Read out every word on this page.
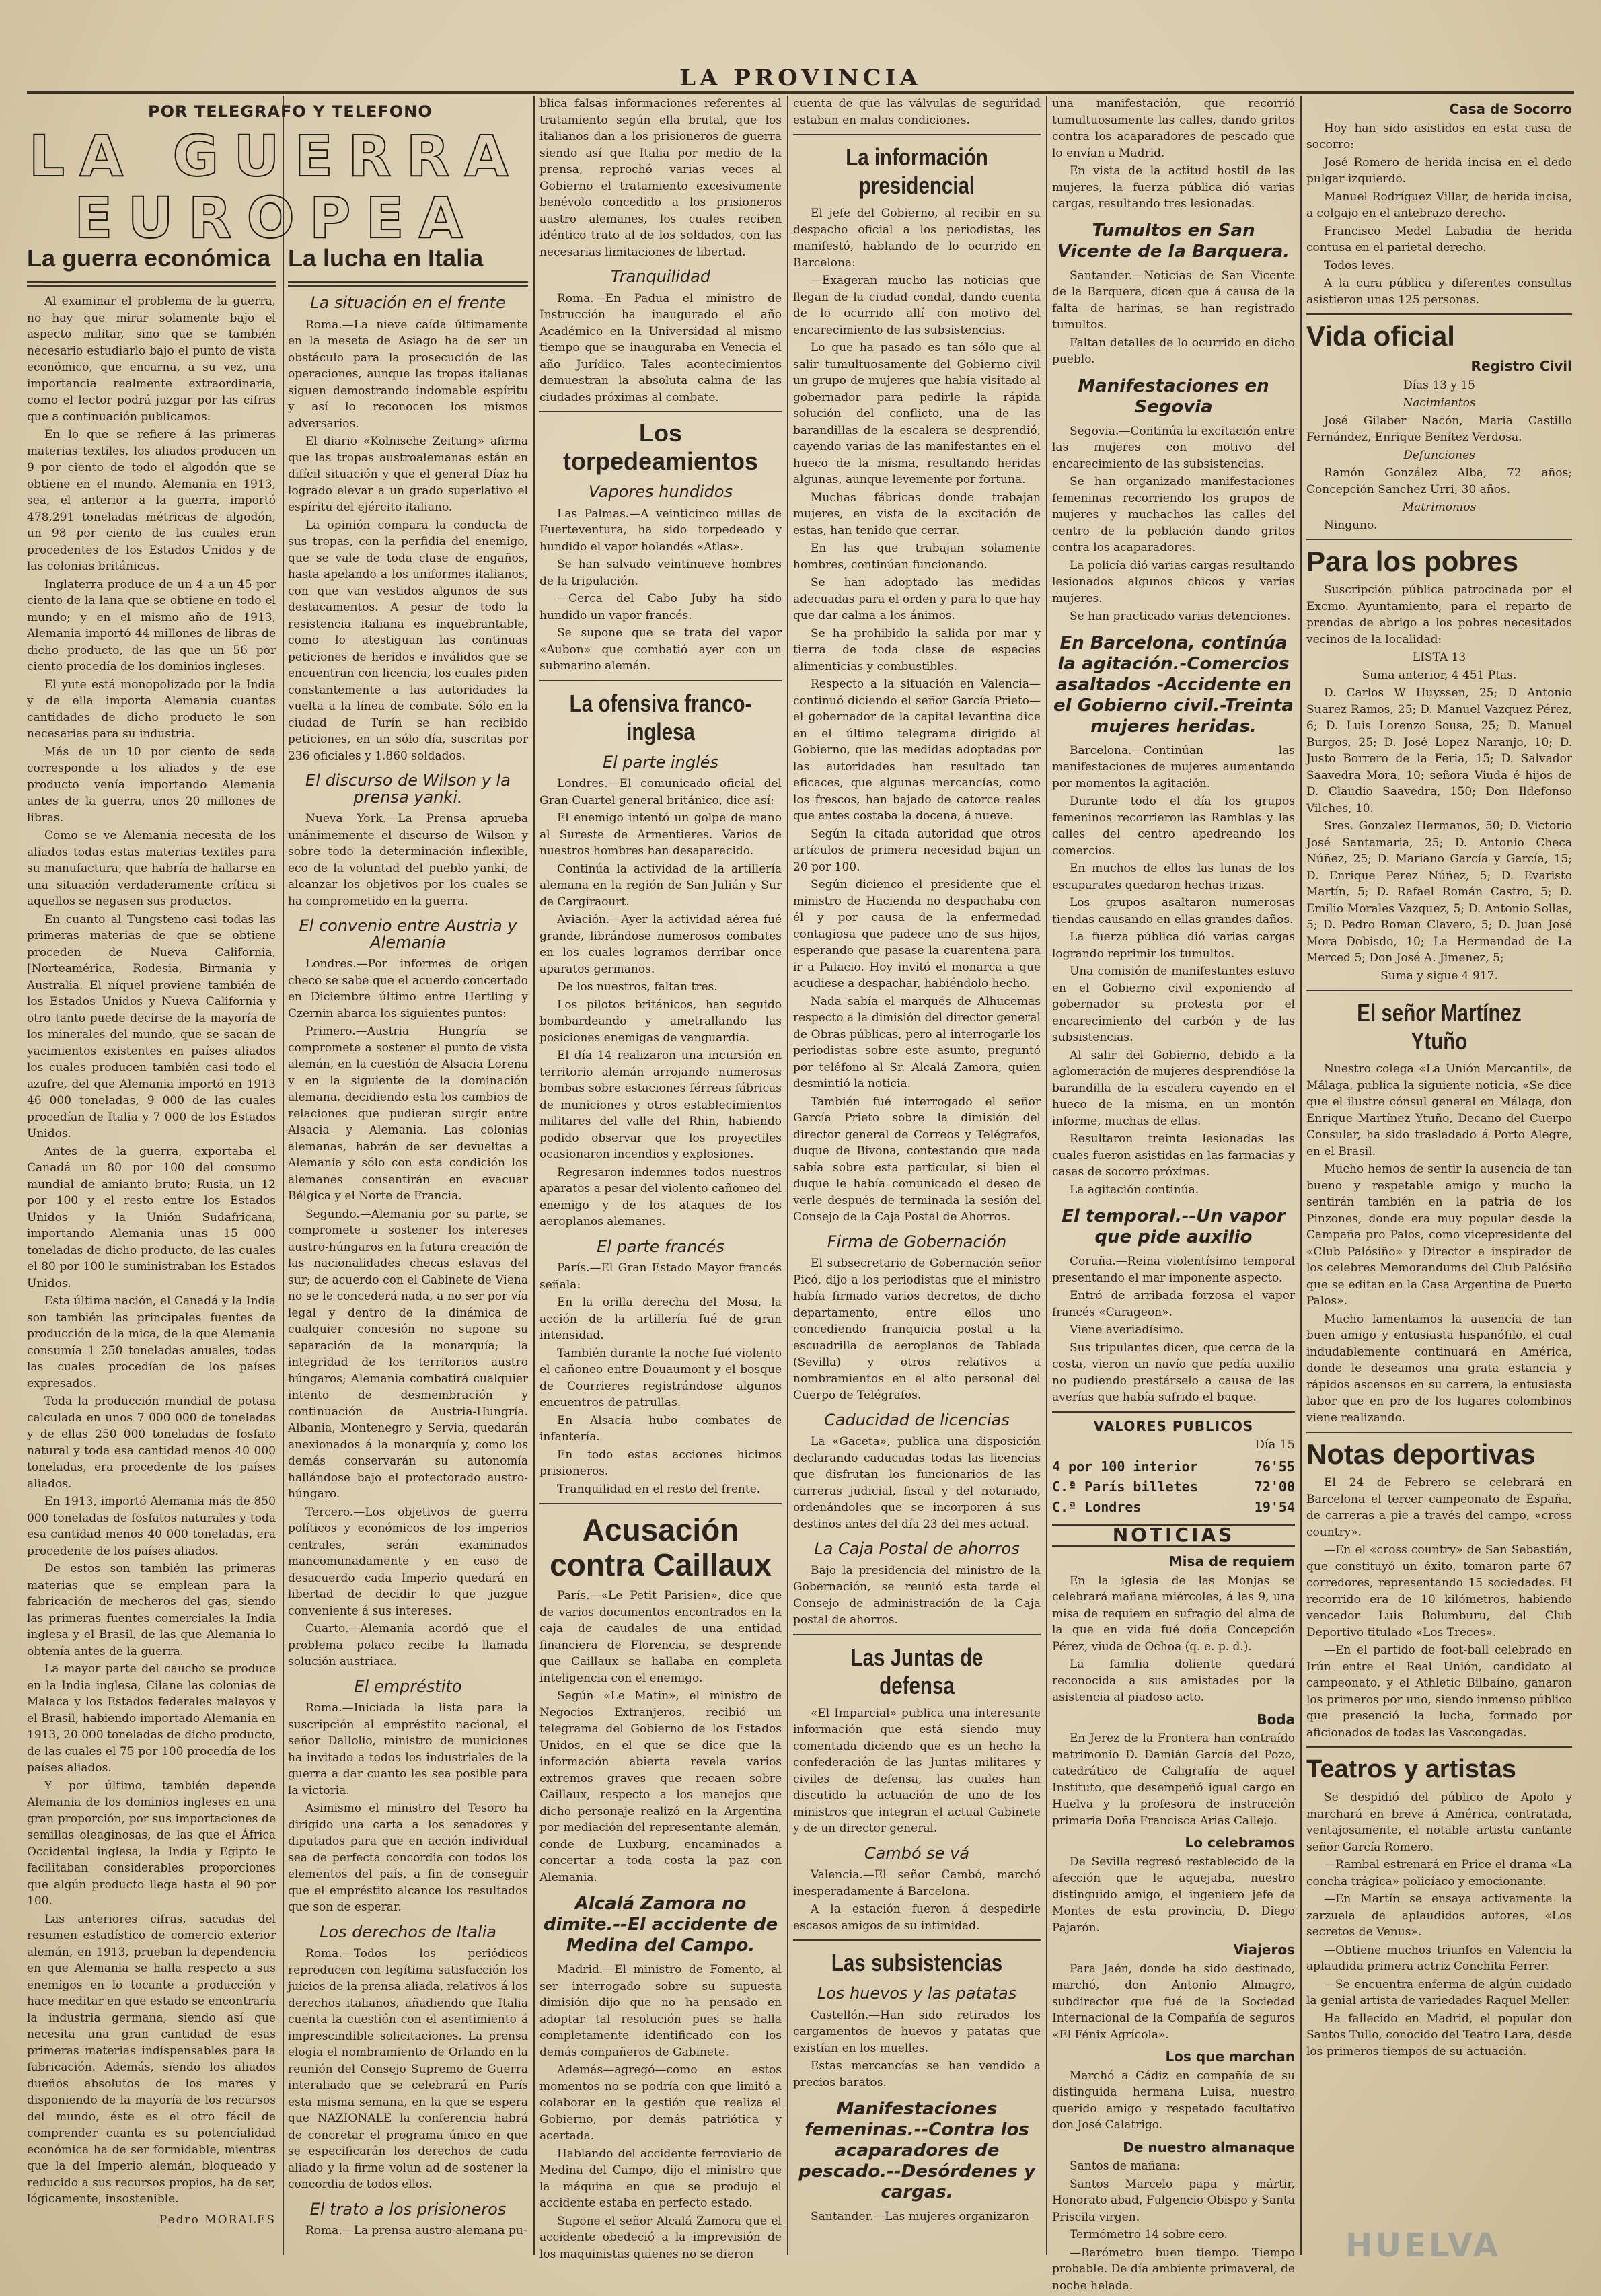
LA PROVINCIA
POR TELEGRAFO Y TELEFONO
LA GUERRA
EUROPEA
La guerra económica

Al examinar el problema de la guerra, no hay que mirar solamente bajo el aspecto militar, sino que se también necesario estudiarlo bajo el punto de vista económico, que encarna, a su vez, una importancia realmente extraordinaria, como el lector podrá juzgar por las cifras que a continuación publicamos:

En lo que se refiere á las primeras materias textiles, los aliados producen un 9 por ciento de todo el algodón que se obtiene en el mundo. Alemania en 1913, sea, el anterior a la guerra, importó 478,291 toneladas métricas de algodón, un 98 por ciento de las cuales eran procedentes de los Estados Unidos y de las colonias británicas.

Inglaterra produce de un 4 a un 45 por ciento de la lana que se obtiene en todo el mundo; y en el mismo año de 1913, Alemania importó 44 millones de libras de dicho producto, de las que un 56 por ciento procedía de los dominios ingleses.

El yute está monopolizado por la India y de ella importa Alemania cuantas cantidades de dicho producto le son necesarias para su industria.

Más de un 10 por ciento de seda corresponde a los aliados y de ese producto venía importando Alemania antes de la guerra, unos 20 millones de libras.

Como se ve Alemania necesita de los aliados todas estas materias textiles para su manufactura, que habría de hallarse en una situación verdaderamente crítica si aquellos se negasen sus productos.

En cuanto al Tungsteno casi todas las primeras materias de que se obtiene proceden de Nueva California, [Norteamérica, Rodesia, Birmania y Australia. El níquel proviene también de los Estados Unidos y Nueva California y otro tanto puede decirse de la mayoría de los minerales del mundo, que se sacan de yacimientos existentes en países aliados los cuales producen también casi todo el azufre, del que Alemania importó en 1913 46 000 toneladas, 9 000 de las cuales procedían de Italia y 7 000 de los Estados Unidos.

Antes de la guerra, exportaba el Canadá un 80 por 100 del consumo mundial de amianto bruto; Rusia, un 12 por 100 y el resto entre los Estados Unidos y la Unión Sudafricana, importando Alemania unas 15 000 toneladas de dicho producto, de las cuales el 80 por 100 le suministraban los Estados Unidos.

Esta última nación, el Canadá y la India son también las principales fuentes de producción de la mica, de la que Alemania consumía 1 250 toneladas anuales, todas las cuales procedían de los países expresados.

Toda la producción mundial de potasa calculada en unos 7 000 000 de toneladas y de ellas 250 000 toneladas de fosfato natural y toda esa cantidad menos 40 000 toneladas, era procedente de los países aliados.

En 1913, importó Alemania más de 850 000 toneladas de fosfatos naturales y toda esa cantidad menos 40 000 toneladas, era procedente de los países aliados.

De estos son también las primeras materias que se emplean para la fabricación de mecheros del gas, siendo las primeras fuentes comerciales la India inglesa y el Brasil, de las que Alemania lo obtenía antes de la guerra.

La mayor parte del caucho se produce en la India inglesa, Cilane las colonias de Malaca y los Estados federales malayos y el Brasil, habiendo importado Alemania en 1913, 20 000 toneladas de dicho producto, de las cuales el 75 por 100 procedía de los países aliados.

Y por último, también depende Alemania de los dominios ingleses en una gran proporción, por sus importaciones de semillas oleaginosas, de las que el África Occidental inglesa, la India y Egipto le facilitaban considerables proporciones que algún producto llega hasta el 90 por 100.

Las anteriores cifras, sacadas del resumen estadístico de comercio exterior alemán, en 1913, prueban la dependencia en que Alemania se halla respecto a sus enemigos en lo tocante a producción y hace meditar en que estado se encontraría la industria germana, siendo así que necesita una gran cantidad de esas primeras materias indispensables para la fabricación. Además, siendo los aliados dueños absolutos de los mares y disponiendo de la mayoría de los recursos del mundo, éste es el otro fácil de comprender cuanta es su potencialidad económica ha de ser formidable, mientras que la del Imperio alemán, bloqueado y reducido a sus recursos propios, ha de ser, lógicamente, insostenible.

Pedro MORALES
La lucha en Italia
La situación en el frente

Roma.—La nieve caída últimamente en la meseta de Asiago ha de ser un obstáculo para la prosecución de las operaciones, aunque las tropas italianas siguen demostrando indomable espíritu y así lo reconocen los mismos adversarios.

El diario «Kolnische Zeitung» afirma que las tropas austroalemanas están en difícil situación y que el general Díaz ha logrado elevar a un grado superlativo el espíritu del ejército italiano.

La opinión compara la conducta de sus tropas, con la perfidia del enemigo, que se vale de toda clase de engaños, hasta apelando a los uniformes italianos, con que van vestidos algunos de sus destacamentos. A pesar de todo la resistencia italiana es inquebrantable, como lo atestiguan las continuas peticiones de heridos e inválidos que se encuentran con licencia, los cuales piden constantemente a las autoridades la vuelta a la línea de combate. Sólo en la ciudad de Turín se han recibido peticiones, en un sólo día, suscritas por 236 oficiales y 1.860 soldados.

El discurso de Wilson y la prensa yanki.

Nueva York.—La Prensa aprueba unánimemente el discurso de Wilson y sobre todo la determinación inflexible, eco de la voluntad del pueblo yanki, de alcanzar los objetivos por los cuales se ha comprometido en la guerra.

El convenio entre Austria y Alemania

Londres.—Por informes de origen checo se sabe que el acuerdo concertado en Diciembre último entre Hertling y Czernin abarca los siguientes puntos:

Primero.—Austria Hungría se compromete a sostener el punto de vista alemán, en la cuestión de Alsacia Lorena y en la siguiente de la dominación alemana, decidiendo esta los cambios de relaciones que pudieran surgir entre Alsacia y Alemania. Las colonias alemanas, habrán de ser devueltas a Alemania y sólo con esta condición los alemanes consentirán en evacuar Bélgica y el Norte de Francia.

Segundo.—Alemania por su parte, se compromete a sostener los intereses austro-húngaros en la futura creación de las nacionalidades checas eslavas del sur; de acuerdo con el Gabinete de Viena no se le concederá nada, a no ser por vía legal y dentro de la dinámica de cualquier concesión no supone su separación de la monarquía; la integridad de los territorios austro húngaros; Alemania combatirá cualquier intento de desmembración y continuación de Austria-Hungría. Albania, Montenegro y Servia, quedarán anexionados á la monarquía y, como los demás conservarán su autonomía hallándose bajo el protectorado austro-húngaro.

Tercero.—Los objetivos de guerra políticos y económicos de los imperios centrales, serán examinados mancomunadamente y en caso de desacuerdo cada Imperio quedará en libertad de decidir lo que juzgue conveniente á sus intereses.

Cuarto.—Alemania acordó que el problema polaco recibe la llamada solución austriaca.

El empréstito

Roma.—Iniciada la lista para la suscripción al empréstito nacional, el señor Dallolio, ministro de municiones ha invitado a todos los industriales de la guerra a dar cuanto les sea posible para la victoria.

Asimismo el ministro del Tesoro ha dirigido una carta a los senadores y diputados para que en acción individual sea de perfecta concordia con todos los elementos del país, a fin de conseguir que el empréstito alcance los resultados que son de esperar.

Los derechos de Italia

Roma.—Todos los periódicos reproducen con legítima satisfacción los juicios de la prensa aliada, relativos á los derechos italianos, añadiendo que Italia cuenta la cuestión con el asentimiento á imprescindible solicitaciones. La prensa elogia el nombramiento de Orlando en la reunión del Consejo Supremo de Guerra interaliado que se celebrará en París esta misma semana, en la que se espera que NAZIONALE la conferencia habrá de concretar el programa único en que se especificarán los derechos de cada aliado y la firme volun ad de sostener la concordia de todos ellos.

El trato a los prisioneros

Roma.—La prensa austro-alemana pu-

blica falsas informaciones referentes al tratamiento según ella brutal, que los italianos dan a los prisioneros de guerra siendo así que Italia por medio de la prensa, reprochó varias veces al Gobierno el tratamiento excesivamente benévolo concedido a los prisioneros austro alemanes, los cuales reciben idéntico trato al de los soldados, con las necesarias limitaciones de libertad.

Tranquilidad

Roma.—En Padua el ministro de Instrucción ha inaugurado el año Académico en la Universidad al mismo tiempo que se inauguraba en Venecia el año Jurídico. Tales acontecimientos demuestran la absoluta calma de las ciudades próximas al combate.

Los torpedeamientos
Vapores hundidos

Las Palmas.—A veinticinco millas de Fuerteventura, ha sido torpedeado y hundido el vapor holandés «Atlas».

Se han salvado veintinueve hombres de la tripulación.

—Cerca del Cabo Juby ha sido hundido un vapor francés.

Se supone que se trata del vapor «Aubon» que combatió ayer con un submarino alemán.

La ofensiva franco-inglesa
El parte inglés

Londres.—El comunicado oficial del Gran Cuartel general británico, dice así:

El enemigo intentó un golpe de mano al Sureste de Armentieres. Varios de nuestros hombres han desaparecido.

Continúa la actividad de la artillería alemana en la región de San Julián y Sur de Cargiraourt.

Aviación.—Ayer la actividad aérea fué grande, librándose numerosos combates en los cuales logramos derribar once aparatos germanos.

De los nuestros, faltan tres.

Los pilotos británicos, han seguido bombardeando y ametrallando las posiciones enemigas de vanguardia.

El día 14 realizaron una incursión en territorio alemán arrojando numerosas bombas sobre estaciones férreas fábricas de municiones y otros establecimientos militares del valle del Rhin, habiendo podido observar que los proyectiles ocasionaron incendios y explosiones.

Regresaron indemnes todos nuestros aparatos a pesar del violento cañoneo del enemigo y de los ataques de los aeroplanos alemanes.

El parte francés

París.—El Gran Estado Mayor francés señala:

En la orilla derecha del Mosa, la acción de la artillería fué de gran intensidad.

También durante la noche fué violento el cañoneo entre Douaumont y el bosque de Courrieres registrándose algunos encuentros de patrullas.

En Alsacia hubo combates de infantería.

En todo estas acciones hicimos prisioneros.

Tranquilidad en el resto del frente.

Acusación contra Caillaux

París.—«Le Petit Parisien», dice que de varios documentos encontrados en la caja de caudales de una entidad financiera de Florencia, se desprende que Caillaux se hallaba en completa inteligencia con el enemigo.

Según «Le Matin», el ministro de Negocios Extranjeros, recibió un telegrama del Gobierno de los Estados Unidos, en el que se dice que la información abierta revela varios extremos graves que recaen sobre Caillaux, respecto a los manejos que dicho personaje realizó en la Argentina por mediación del representante alemán, conde de Luxburg, encaminados a concertar a toda costa la paz con Alemania.

Alcalá Zamora no dimite.--El accidente de Medina del Campo.

Madrid.—El ministro de Fomento, al ser interrogado sobre su supuesta dimisión dijo que no ha pensado en adoptar tal resolución pues se halla completamente identificado con los demás compañeros de Gabinete.

Además—agregó—como en estos momentos no se podría con que limitó a colaborar en la gestión que realiza el Gobierno, por demás patriótica y acertada.

Hablando del accidente ferroviario de Medina del Campo, dijo el ministro que la máquina en que se produjo el accidente estaba en perfecto estado.

Supone el señor Alcalá Zamora que el accidente obedeció a la imprevisión de los maquinistas quienes no se dieron

cuenta de que las válvulas de seguridad estaban en malas condiciones.

La información presidencial

El jefe del Gobierno, al recibir en su despacho oficial a los periodistas, les manifestó, hablando de lo ocurrido en Barcelona:

—Exageran mucho las noticias que llegan de la ciudad condal, dando cuenta de lo ocurrido allí con motivo del encarecimiento de las subsistencias.

Lo que ha pasado es tan sólo que al salir tumultuosamente del Gobierno civil un grupo de mujeres que había visitado al gobernador para pedirle la rápida solución del conflicto, una de las barandillas de la escalera se desprendió, cayendo varias de las manifestantes en el hueco de la misma, resultando heridas algunas, aunque levemente por fortuna.

Muchas fábricas donde trabajan mujeres, en vista de la excitación de estas, han tenido que cerrar.

En las que trabajan solamente hombres, continúan funcionando.

Se han adoptado las medidas adecuadas para el orden y para lo que hay que dar calma a los ánimos.

Se ha prohibido la salida por mar y tierra de toda clase de especies alimenticias y combustibles.

Respecto a la situación en Valencia—continuó diciendo el señor García Prieto—el gobernador de la capital levantina dice en el último telegrama dirigido al Gobierno, que las medidas adoptadas por las autoridades han resultado tan eficaces, que algunas mercancías, como los frescos, han bajado de catorce reales que antes costaba la docena, á nueve.

Según la citada autoridad que otros artículos de primera necesidad bajan un 20 por 100.

Según dicienco el presidente que el ministro de Hacienda no despachaba con él y por causa de la enfermedad contagiosa que padece uno de sus hijos, esperando que pasase la cuarentena para ir a Palacio. Hoy invitó el monarca a que acudiese a despachar, habiéndolo hecho.

Nada sabía el marqués de Alhucemas respecto a la dimisión del director general de Obras públicas, pero al interrogarle los periodistas sobre este asunto, preguntó por teléfono al Sr. Alcalá Zamora, quien desmintió la noticia.

También fué interrogado el señor García Prieto sobre la dimisión del director general de Correos y Telégrafos, duque de Bivona, contestando que nada sabía sobre esta particular, si bien el duque le había comunicado el deseo de verle después de terminada la sesión del Consejo de la Caja Postal de Ahorros.

Firma de Gobernación

El subsecretario de Gobernación señor Picó, dijo a los periodistas que el ministro había firmado varios decretos, de dicho departamento, entre ellos uno concediendo franquicia postal a la escuadrilla de aeroplanos de Tablada (Sevilla) y otros relativos a nombramientos en el alto personal del Cuerpo de Telégrafos.

Caducidad de licencias

La «Gaceta», publica una disposición declarando caducadas todas las licencias que disfrutan los funcionarios de las carreras judicial, fiscal y del notariado, ordenándoles que se incorporen á sus destinos antes del día 23 del mes actual.

La Caja Postal de ahorros

Bajo la presidencia del ministro de la Gobernación, se reunió esta tarde el Consejo de administración de la Caja postal de ahorros.

Las Juntas de defensa

«El Imparcial» publica una interesante información que está siendo muy comentada diciendo que es un hecho la confederación de las Juntas militares y civiles de defensa, las cuales han discutido la actuación de uno de los ministros que integran el actual Gabinete y de un director general.

Cambó se vá

Valencia.—El señor Cambó, marchó inesperadamente á Barcelona.

A la estación fueron á despedirle escasos amigos de su intimidad.

Las subsistencias
Los huevos y las patatas

Castellón.—Han sido retirados los cargamentos de huevos y patatas que existían en los muelles.

Estas mercancías se han vendido a precios baratos.

Manifestaciones femeninas.--Contra los acaparadores de pescado.--Desórdenes y cargas.

Santander.—Las mujeres organizaron

una manifestación, que recorrió tumultuosamente las calles, dando gritos contra los acaparadores de pescado que lo envían a Madrid.

En vista de la actitud hostil de las mujeres, la fuerza pública dió varias cargas, resultando tres lesionadas.

Tumultos en San Vicente de la Barquera.

Santander.—Noticias de San Vicente de la Barquera, dicen que á causa de la falta de harinas, se han registrado tumultos.

Faltan detalles de lo ocurrido en dicho pueblo.

Manifestaciones en Segovia

Segovia.—Continúa la excitación entre las mujeres con motivo del encarecimiento de las subsistencias.

Se han organizado manifestaciones femeninas recorriendo los grupos de mujeres y muchachos las calles del centro de la población dando gritos contra los acaparadores.

La policía dió varias cargas resultando lesionados algunos chicos y varias mujeres.

Se han practicado varias detenciones.

En Barcelona, continúa la agitación.-Comercios asaltados -Accidente en el Gobierno civil.-Treinta mujeres heridas.

Barcelona.—Continúan las manifestaciones de mujeres aumentando por momentos la agitación.

Durante todo el día los grupos femeninos recorrieron las Ramblas y las calles del centro apedreando los comercios.

En muchos de ellos las lunas de los escaparates quedaron hechas trizas.

Los grupos asaltaron numerosas tiendas causando en ellas grandes daños.

La fuerza pública dió varias cargas logrando reprimir los tumultos.

Una comisión de manifestantes estuvo en el Gobierno civil exponiendo al gobernador su protesta por el encarecimiento del carbón y de las subsistencias.

Al salir del Gobierno, debido a la aglomeración de mujeres desprendióse la barandilla de la escalera cayendo en el hueco de la misma, en un montón informe, muchas de ellas.

Resultaron treinta lesionadas las cuales fueron asistidas en las farmacias y casas de socorro próximas.

La agitación continúa.

El temporal.--Un vapor que pide auxilio

Coruña.—Reina violentísimo temporal presentando el mar imponente aspecto.

Entró de arribada forzosa el vapor francés «Carageon».

Viene averiadísimo.

Sus tripulantes dicen, que cerca de la costa, vieron un navío que pedía auxilio no pudiendo prestárselo a causa de las averías que había sufrido el buque.

VALORES PUBLICOS
Día 15
4 por 100 interior	76'55
C.ª París billetes	72'00
C.ª Londres	19'54
NOTICIAS
Misa de requiem

En la iglesia de las Monjas se celebrará mañana miércoles, á las 9, una misa de requiem en sufragio del alma de la que en vida fué doña Concepción Pérez, viuda de Ochoa (q. e. p. d.).

La familia doliente quedará reconocida a sus amistades por la asistencia al piadoso acto.

Boda

En Jerez de la Frontera han contraído matrimonio D. Damián García del Pozo, catedrático de Caligrafía de aquel Instituto, que desempeñó igual cargo en Huelva y la profesora de instrucción primaria Doña Francisca Arias Callejo.

Lo celebramos

De Sevilla regresó restablecido de la afección que le aquejaba, nuestro distinguido amigo, el ingeniero jefe de Montes de esta provincia, D. Diego Pajarón.

Viajeros

Para Jaén, donde ha sido destinado, marchó, don Antonio Almagro, subdirector que fué de la Sociedad Internacional de la Compañía de seguros «El Fénix Agrícola».

Los que marchan

Marchó a Cádiz en compañía de su distinguida hermana Luisa, nuestro querido amigo y respetado facultativo don José Calatrigo.

De nuestro almanaque

Santos de mañana:

Santos Marcelo papa y mártir, Honorato abad, Fulgencio Obispo y Santa Priscila virgen.

Termómetro 14 sobre cero.

—Barómetro buen tiempo. Tiempo probable. De día ambiente primaveral, de noche helada.

Casa de Socorro

Hoy han sido asistidos en esta casa de socorro:

José Romero de herida incisa en el dedo pulgar izquierdo.

Manuel Rodríguez Villar, de herida incisa, a colgajo en el antebrazo derecho.

Francisco Medel Labadia de herida contusa en el parietal derecho.

Todos leves.

A la cura pública y diferentes consultas asistieron unas 125 personas.

Vida oficial
Registro Civil

Días 13 y 15

Nacimientos

José Gilaber Nacón, María Castillo Fernández, Enrique Benítez Verdosa.

Defunciones

Ramón González Alba, 72 años; Concepción Sanchez Urri, 30 años.

Matrimonios

Ninguno.

Para los pobres

Suscripción pública patrocinada por el Excmo. Ayuntamiento, para el reparto de prendas de abrigo a los pobres necesitados vecinos de la localidad:

LISTA 13

Suma anterior, 4 451 Ptas.

D. Carlos W Huyssen, 25; D Antonio Suarez Ramos, 25; D. Manuel Vazquez Pérez, 6; D. Luis Lorenzo Sousa, 25; D. Manuel Burgos, 25; D. José Lopez Naranjo, 10; D. Justo Borrero de la Feria, 15; D. Salvador Saavedra Mora, 10; señora Viuda é hijos de D. Claudio Saavedra, 150; Don Ildefonso Vilches, 10.

Sres. Gonzalez Hermanos, 50; D. Victorio José Santamaria, 25; D. Antonio Checa Núñez, 25; D. Mariano García y García, 15; D. Enrique Perez Núñez, 5; D. Evaristo Martín, 5; D. Rafael Román Castro, 5; D. Emilio Morales Vazquez, 5; D. Antonio Sollas, 5; D. Pedro Roman Clavero, 5; D. Juan José Mora Dobisdo, 10; La Hermandad de La Merced 5; Don José A. Jimenez, 5;

Suma y sigue 4 917.

El señor Martínez Ytuño

Nuestro colega «La Unión Mercantil», de Málaga, publica la siguiente noticia, «Se dice que el ilustre cónsul general en Málaga, don Enrique Martínez Ytuño, Decano del Cuerpo Consular, ha sido trasladado á Porto Alegre, en el Brasil.

Mucho hemos de sentir la ausencia de tan bueno y respetable amigo y mucho la sentirán también en la patria de los Pinzones, donde era muy popular desde la Campaña pro Palos, como vicepresidente del «Club Palósiño» y Director e inspirador de los celebres Memorandums del Club Palósiño que se editan en la Casa Argentina de Puerto Palos».

Mucho lamentamos la ausencia de tan buen amigo y entusiasta hispanófilo, el cual indudablemente continuará en América, donde le deseamos una grata estancia y rápidos ascensos en su carrera, la entusiasta labor que en pro de los lugares colombinos viene realizando.

Notas deportivas

El 24 de Febrero se celebrará en Barcelona el tercer campeonato de España, de carreras a pie a través del campo, «cross country».

—En el «cross country» de San Sebastián, que constituyó un éxito, tomaron parte 67 corredores, representando 15 sociedades. El recorrido era de 10 kilómetros, habiendo vencedor Luis Bolumburu, del Club Deportivo titulado «Los Treces».

—En el partido de foot-ball celebrado en Irún entre el Real Unión, candidato al campeonato, y el Athletic Bilbaíno, ganaron los primeros por uno, siendo inmenso público que presenció la lucha, formado por aficionados de todas las Vascongadas.

Teatros y artistas

Se despidió del público de Apolo y marchará en breve á América, contratada, ventajosamente, el notable artista cantante señor García Romero.

—Rambal estrenará en Price el drama «La concha trágica» policíaco y emocionante.

—En Martín se ensaya activamente la zarzuela de aplaudidos autores, «Los secretos de Venus».

—Obtiene muchos triunfos en Valencia la aplaudida primera actriz Conchita Ferrer.

—Se encuentra enferma de algún cuidado la genial artista de variedades Raquel Meller.

Ha fallecido en Madrid, el popular don Santos Tullo, conocido del Teatro Lara, desde los primeros tiempos de su actuación.

HUELVA
